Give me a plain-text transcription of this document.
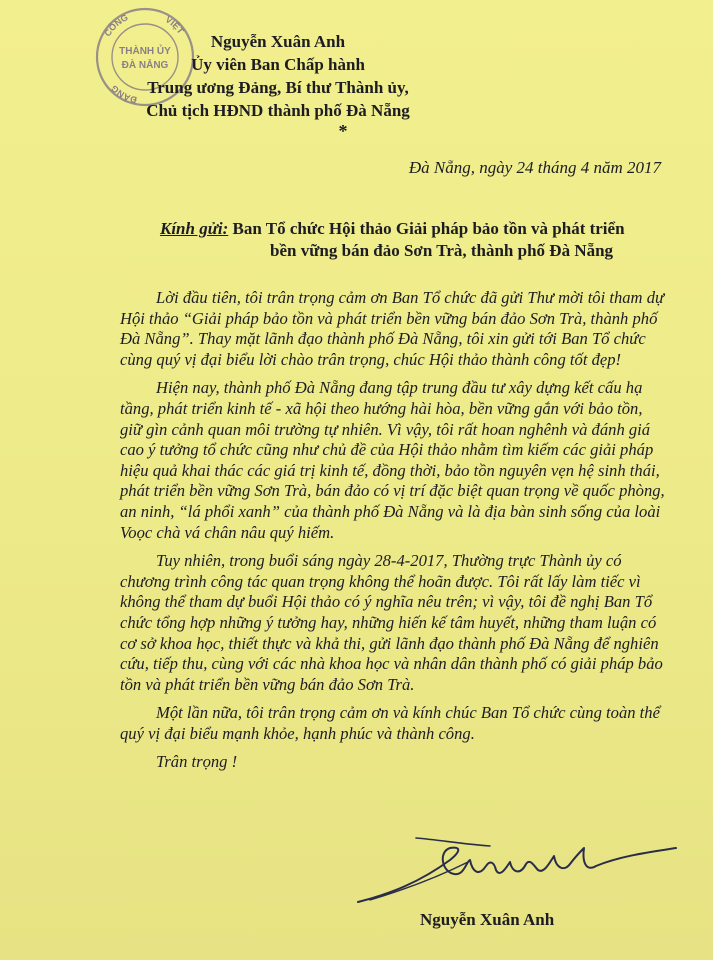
CÔNG	VIỆT
ĐẢNG
THÀNH ỦY
ĐÀ NẴNG
Nguyễn Xuân Anh
Ủy viên Ban Chấp hành
Trung ương Đảng, Bí thư Thành ủy,
Chủ tịch HĐND thành phố Đà Nẵng
*
Đà Nẵng, ngày 24 tháng 4 năm 2017
Kính gửi: Ban Tổ chức Hội thảo Giải pháp bảo tồn và phát triển
bền vững bán đảo Sơn Trà, thành phố Đà Nẵng

Lời đầu tiên, tôi trân trọng cảm ơn Ban Tổ chức đã gửi Thư mời tôi tham dự Hội thảo “Giải pháp bảo tồn và phát triển bền vững bán đảo Sơn Trà, thành phố Đà Nẵng”. Thay mặt lãnh đạo thành phố Đà Nẵng, tôi xin gửi tới Ban Tổ chức cùng quý vị đại biểu lời chào trân trọng, chúc Hội thảo thành công tốt đẹp!

Hiện nay, thành phố Đà Nẵng đang tập trung đầu tư xây dựng kết cấu hạ tầng, phát triển kinh tế - xã hội theo hướng hài hòa, bền vững gắn với bảo tồn, giữ gìn cảnh quan môi trường tự nhiên. Vì vậy, tôi rất hoan nghênh và đánh giá cao ý tưởng tổ chức cũng như chủ đề của Hội thảo nhằm tìm kiếm các giải pháp hiệu quả khai thác các giá trị kinh tế, đồng thời, bảo tồn nguyên vẹn hệ sinh thái, phát triển bền vững Sơn Trà, bán đảo có vị trí đặc biệt quan trọng về quốc phòng, an ninh, “lá phổi xanh” của thành phố Đà Nẵng và là địa bàn sinh sống của loài Voọc chà vá chân nâu quý hiếm.

Tuy nhiên, trong buổi sáng ngày 28-4-2017, Thường trực Thành ủy có chương trình công tác quan trọng không thể hoãn được. Tôi rất lấy làm tiếc vì không thể tham dự buổi Hội thảo có ý nghĩa nêu trên; vì vậy, tôi đề nghị Ban Tổ chức tổng hợp những ý tưởng hay, những hiến kế tâm huyết, những tham luận có cơ sở khoa học, thiết thực và khả thi, gửi lãnh đạo thành phố Đà Nẵng để nghiên cứu, tiếp thu, cùng với các nhà khoa học và nhân dân thành phố có giải pháp bảo tồn và phát triển bền vững bán đảo Sơn Trà.

Một lần nữa, tôi trân trọng cảm ơn và kính chúc Ban Tổ chức cùng toàn thể quý vị đại biểu mạnh khỏe, hạnh phúc và thành công.

Trân trọng !

Nguyễn Xuân Anh
